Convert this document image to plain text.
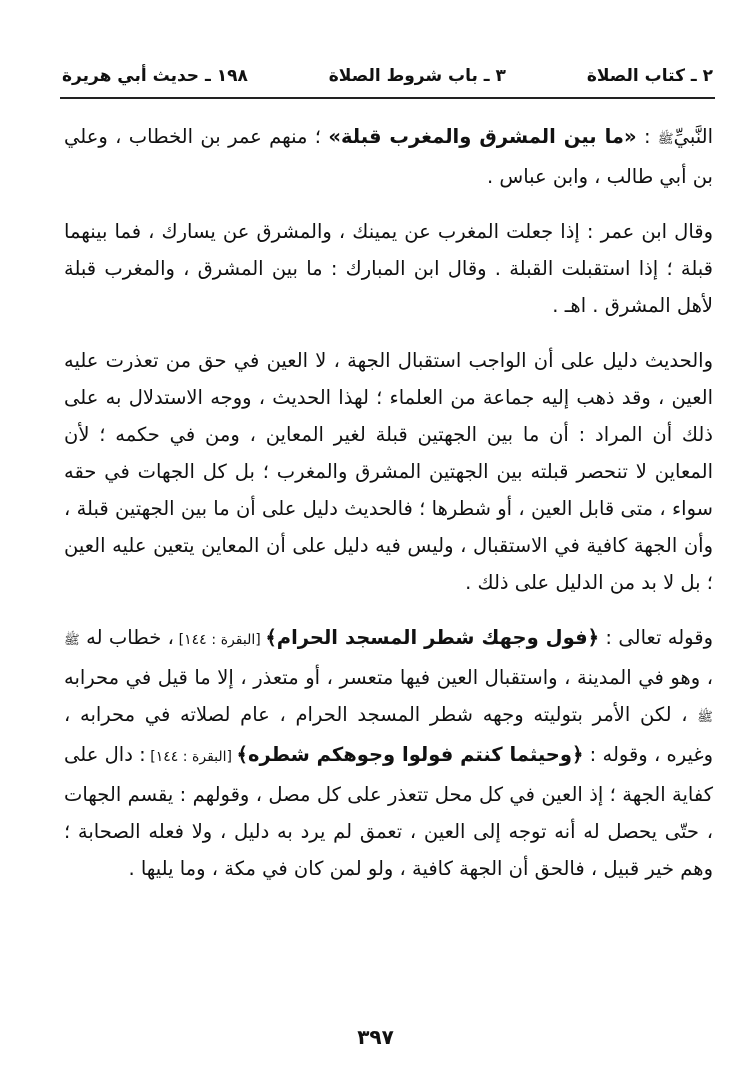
٢ ـ كتاب الصلاة
٣ ـ باب شروط الصلاة
١٩٨ ـ حديث أبي هريرة

النَّبيِّﷺ : «ما بين المشرق والمغرب قبلة» ؛ منهم عمر بن الخطاب ، وعلي بن أبي طالب ، وابن عباس .

وقال ابن عمر : إذا جعلت المغرب عن يمينك ، والمشرق عن يسارك ، فما بينهما قبلة ؛ إذا استقبلت القبلة . وقال ابن المبارك : ما بين المشرق ، والمغرب قبلة لأهل المشرق . اهـ .

والحديث دليل على أن الواجب استقبال الجهة ، لا العين في حق من تعذرت عليه العين ، وقد ذهب إليه جماعة من العلماء ؛ لهذا الحديث ، ووجه الاستدلال به على ذلك أن المراد : أن ما بين الجهتين قبلة لغير المعاين ، ومن في حكمه ؛ لأن المعاين لا تنحصر قبلته بين الجهتين المشرق والمغرب ؛ بل كل الجهات في حقه سواء ، متى قابل العين ، أو شطرها ؛ فالحديث دليل على أن ما بين الجهتين قبلة ، وأن الجهة كافية في الاستقبال ، وليس فيه دليل على أن المعاين يتعين عليه العين ؛ بل لا بد من الدليل على ذلك .

وقوله تعالى : ﴿فول وجهك شطر المسجد الحرام﴾ [البقرة : ١٤٤] ، خطاب له ﷺ ، وهو في المدينة ، واستقبال العين فيها متعسر ، أو متعذر ، إلا ما قيل في محرابه ﷺ ، لكن الأمر بتوليته وجهه شطر المسجد الحرام ، عام لصلاته في محرابه ، وغيره ، وقوله : ﴿وحيثما كنتم فولوا وجوهكم شطره﴾ [البقرة : ١٤٤] : دال على كفاية الجهة ؛ إذ العين في كل محل تتعذر على كل مصل ، وقولهم : يقسم الجهات ، حتّى يحصل له أنه توجه إلى العين ، تعمق لم يرد به دليل ، ولا فعله الصحابة ؛ وهم خير قبيل ، فالحق أن الجهة كافية ، ولو لمن كان في مكة ، وما يليها .

٣٩٧
